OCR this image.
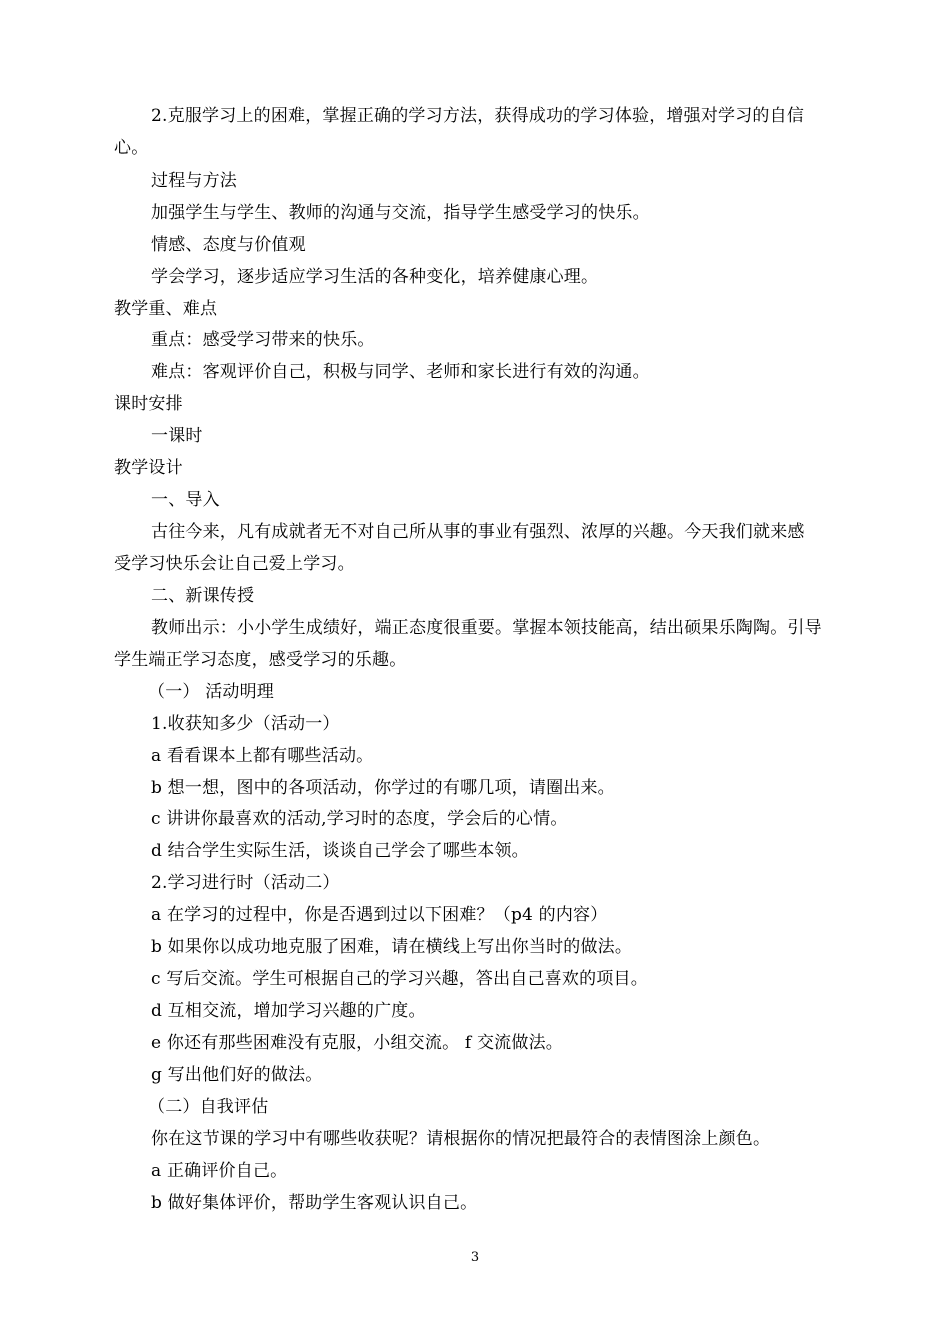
2.克服学习上的困难，掌握正确的学习方法，获得成功的学习体验，增强对学习的自信
心。
过程与方法
加强学生与学生、教师的沟通与交流，指导学生感受学习的快乐。
情感、态度与价值观
学会学习，逐步适应学习生活的各种变化，培养健康心理。
教学重、难点
重点：感受学习带来的快乐。
难点：客观评价自己，积极与同学、老师和家长进行有效的沟通。
课时安排
一课时
教学设计
一、导入
古往今来，凡有成就者无不对自己所从事的事业有强烈、浓厚的兴趣。今天我们就来感
受学习快乐会让自己爱上学习。
二、新课传授
教师出示：小小学生成绩好，端正态度很重要。掌握本领技能高，结出硕果乐陶陶。引导
学生端正学习态度，感受学习的乐趣。
（一） 活动明理
1.收获知多少（活动一）
a 看看课本上都有哪些活动。
b 想一想，图中的各项活动，你学过的有哪几项，请圈出来。
c 讲讲你最喜欢的活动,学习时的态度，学会后的心情。
d 结合学生实际生活，谈谈自己学会了哪些本领。
2.学习进行时（活动二）
a 在学习的过程中，你是否遇到过以下困难？（p4 的内容）
b 如果你以成功地克服了困难，请在横线上写出你当时的做法。
c 写后交流。学生可根据自己的学习兴趣，答出自己喜欢的项目。
d 互相交流，增加学习兴趣的广度。
e 你还有那些困难没有克服，小组交流。 f 交流做法。
g 写出他们好的做法。
（二）自我评估
你在这节课的学习中有哪些收获呢？请根据你的情况把最符合的表情图涂上颜色。
a 正确评价自己。
b 做好集体评价，帮助学生客观认识自己。
3
